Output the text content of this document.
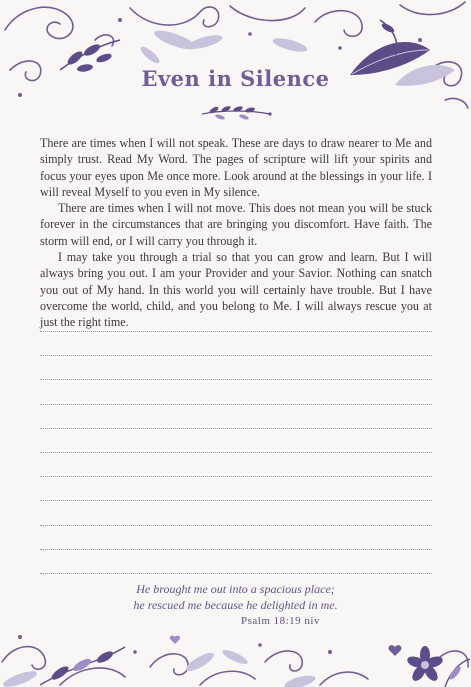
Even in Silence

There are times when I will not speak. These are days to draw nearer to Me and simply trust. Read My Word. The pages of scripture will lift your spirits and focus your eyes upon Me once more. Look around at the blessings in your life. I will reveal Myself to you even in My silence.

There are times when I will not move. This does not mean you will be stuck forever in the circumstances that are bringing you discomfort. Have faith. The storm will end, or I will carry you through it.

I may take you through a trial so that you can grow and learn. But I will always bring you out. I am your Provider and your Savior. Nothing can snatch you out of My hand. In this world you will certainly have trouble. But I have overcome the world, child, and you belong to Me. I will always rescue you at just the right time.

He brought me out into a spacious place;
he rescued me because he delighted in me.
Psalm 18:19 niv
